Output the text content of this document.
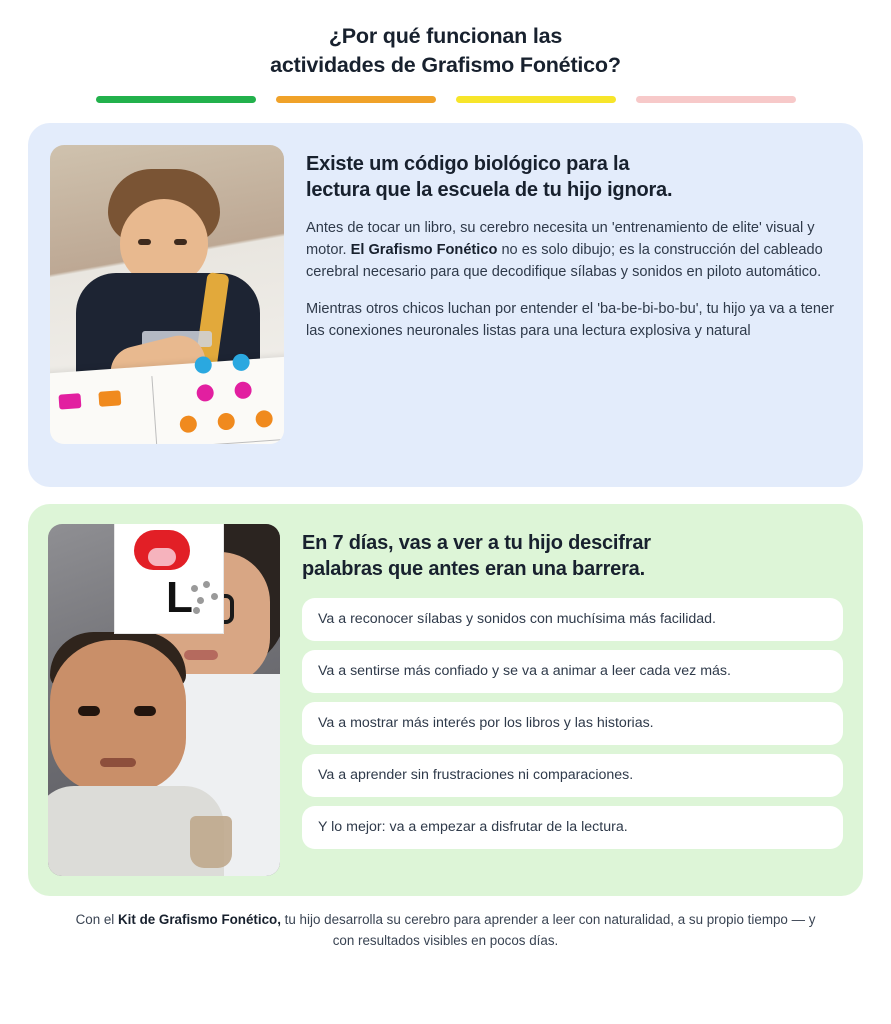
¿Por qué funcionan las
actividades de Grafismo Fonético?
Existe um código biológico para la
lectura que la escuela de tu hijo ignora.

Antes de tocar un libro, su cerebro necesita un 'entrenamiento de elite' visual y motor. El Grafismo Fonético no es solo dibujo; es la construcción del cableado cerebral necesario para que decodifique sílabas y sonidos en piloto automático.

Mientras otros chicos luchan por entender el 'ba-be-bi-bo-bu', tu hijo ya va a tener las conexiones neuronales listas para una lectura explosiva y natural

L
En 7 días, vas a ver a tu hijo descifrar
palabras que antes eran una barrera.
Va a reconocer sílabas y sonidos con muchísima más facilidad.
Va a sentirse más confiado y se va a animar a leer cada vez más.
Va a mostrar más interés por los libros y las historias.
Va a aprender sin frustraciones ni comparaciones.
Y lo mejor: va a empezar a disfrutar de la lectura.
Con el Kit de Grafismo Fonético, tu hijo desarrolla su cerebro para aprender a leer con naturalidad, a su propio tiempo — y con resultados visibles en pocos días.
